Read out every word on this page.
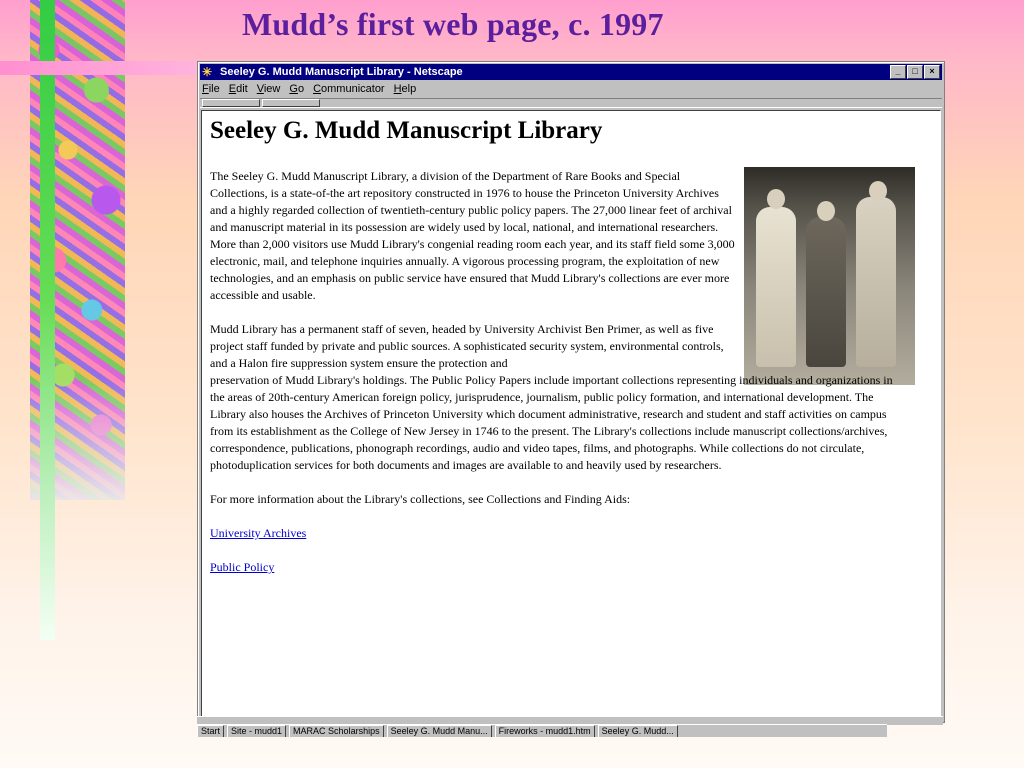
Mudd’s first web page, c. 1997
✳ Seeley G. Mudd Manuscript Library - Netscape	_	□	×
File Edit View Go Communicator Help
Seeley G. Mudd Manuscript Library

The Seeley G. Mudd Manuscript Library, a division of the Department of Rare Books and Special Collections, is a state-of-the art repository constructed in 1976 to house the Princeton University Archives and a highly regarded collection of twentieth-century public policy papers. The 27,000 linear feet of archival and manuscript material in its possession are widely used by local, national, and international researchers. More than 2,000 visitors use Mudd Library's congenial reading room each year, and its staff field some 3,000 electronic, mail, and telephone inquiries annually. A vigorous processing program, the exploitation of new technologies, and an emphasis on public service have ensured that Mudd Library's collections are ever more accessible and usable.

Mudd Library has a permanent staff of seven, headed by University Archivist Ben Primer, as well as five project staff funded by private and public sources. A sophisticated security system, environmental controls, and a Halon fire suppression system ensure the protection and

preservation of Mudd Library's holdings. The Public Policy Papers include important collections representing individuals and organizations in the areas of 20th-century American foreign policy, jurisprudence, journalism, public policy formation, and international development. The Library also houses the Archives of Princeton University which document administrative, research and student and staff activities on campus from its establishment as the College of New Jersey in 1746 to the present. The Library's collections include manuscript collections/archives, correspondence, publications, phonograph recordings, audio and video tapes, films, and photographs. While collections do not circulate, photoduplication services for both documents and images are available to and heavily used by researchers.

For more information about the Library's collections, see Collections and Finding Aids:

University Archives
Public Policy
Start	Site - mudd1	MARAC Scholarships	Seeley G. Mudd Manu...	Fireworks - mudd1.htm	Seeley G. Mudd...
